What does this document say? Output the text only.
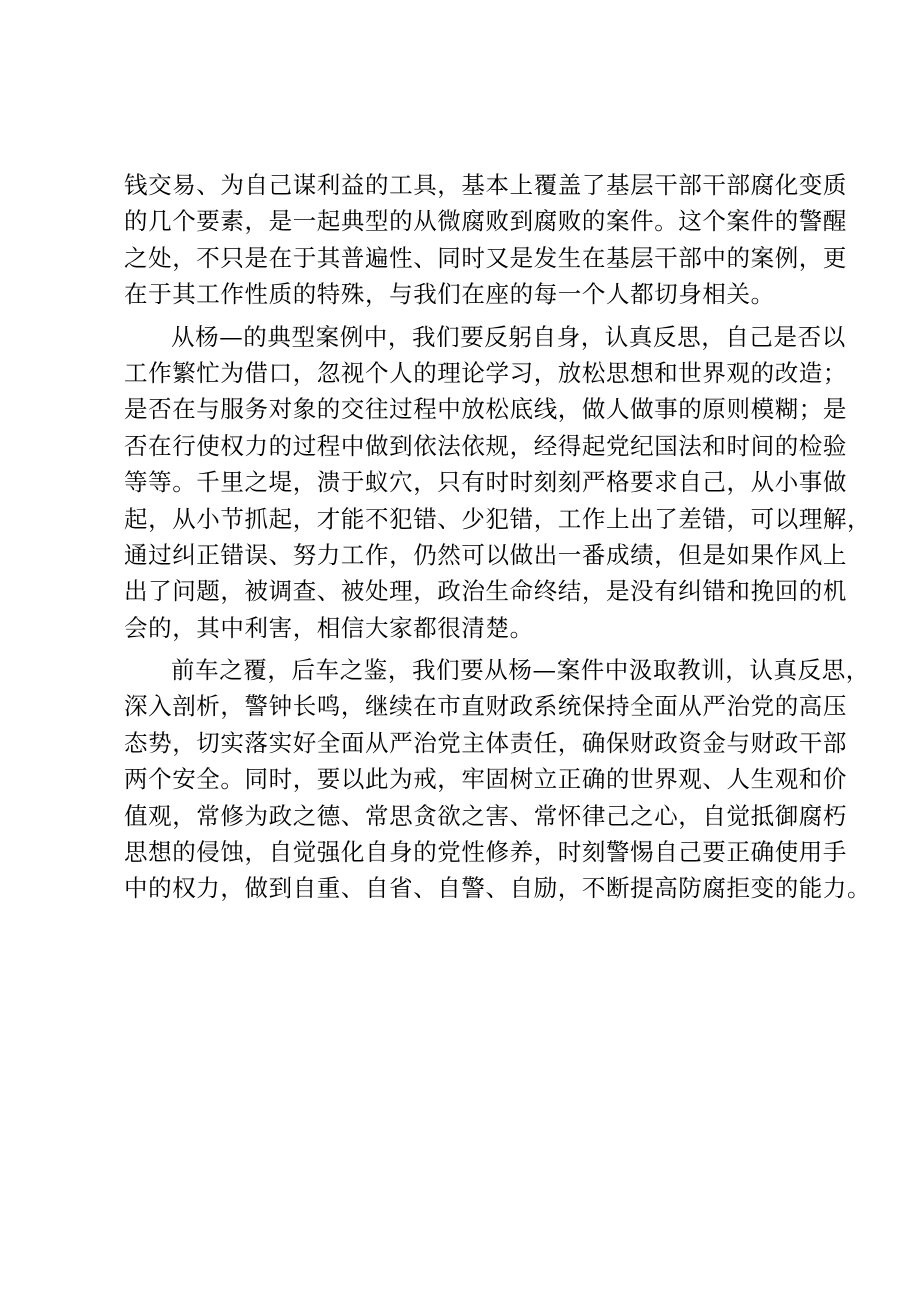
钱交易、为自己谋利益的工具，基本上覆盖了基层干部干部腐化变质
的几个要素，是一起典型的从微腐败到腐败的案件。这个案件的警醒
之处，不只是在于其普遍性、同时又是发生在基层干部中的案例，更
在于其工作性质的特殊，与我们在座的每一个人都切身相关。
从杨—的典型案例中，我们要反躬自身，认真反思，自己是否以
工作繁忙为借口，忽视个人的理论学习，放松思想和世界观的改造；
是否在与服务对象的交往过程中放松底线，做人做事的原则模糊；是
否在行使权力的过程中做到依法依规，经得起党纪国法和时间的检验
等等。千里之堤，溃于蚁穴，只有时时刻刻严格要求自己，从小事做
起，从小节抓起，才能不犯错、少犯错，工作上出了差错，可以理解，
通过纠正错误、努力工作，仍然可以做出一番成绩，但是如果作风上
出了问题，被调查、被处理，政治生命终结，是没有纠错和挽回的机
会的，其中利害，相信大家都很清楚。
前车之覆，后车之鉴，我们要从杨—案件中汲取教训，认真反思，
深入剖析，警钟长鸣，继续在市直财政系统保持全面从严治党的高压
态势，切实落实好全面从严治党主体责任，确保财政资金与财政干部
两个安全。同时，要以此为戒，牢固树立正确的世界观、人生观和价
值观，常修为政之德、常思贪欲之害、常怀律己之心，自觉抵御腐朽
思想的侵蚀，自觉强化自身的党性修养，时刻警惕自己要正确使用手
中的权力，做到自重、自省、自警、自励，不断提高防腐拒变的能力。
